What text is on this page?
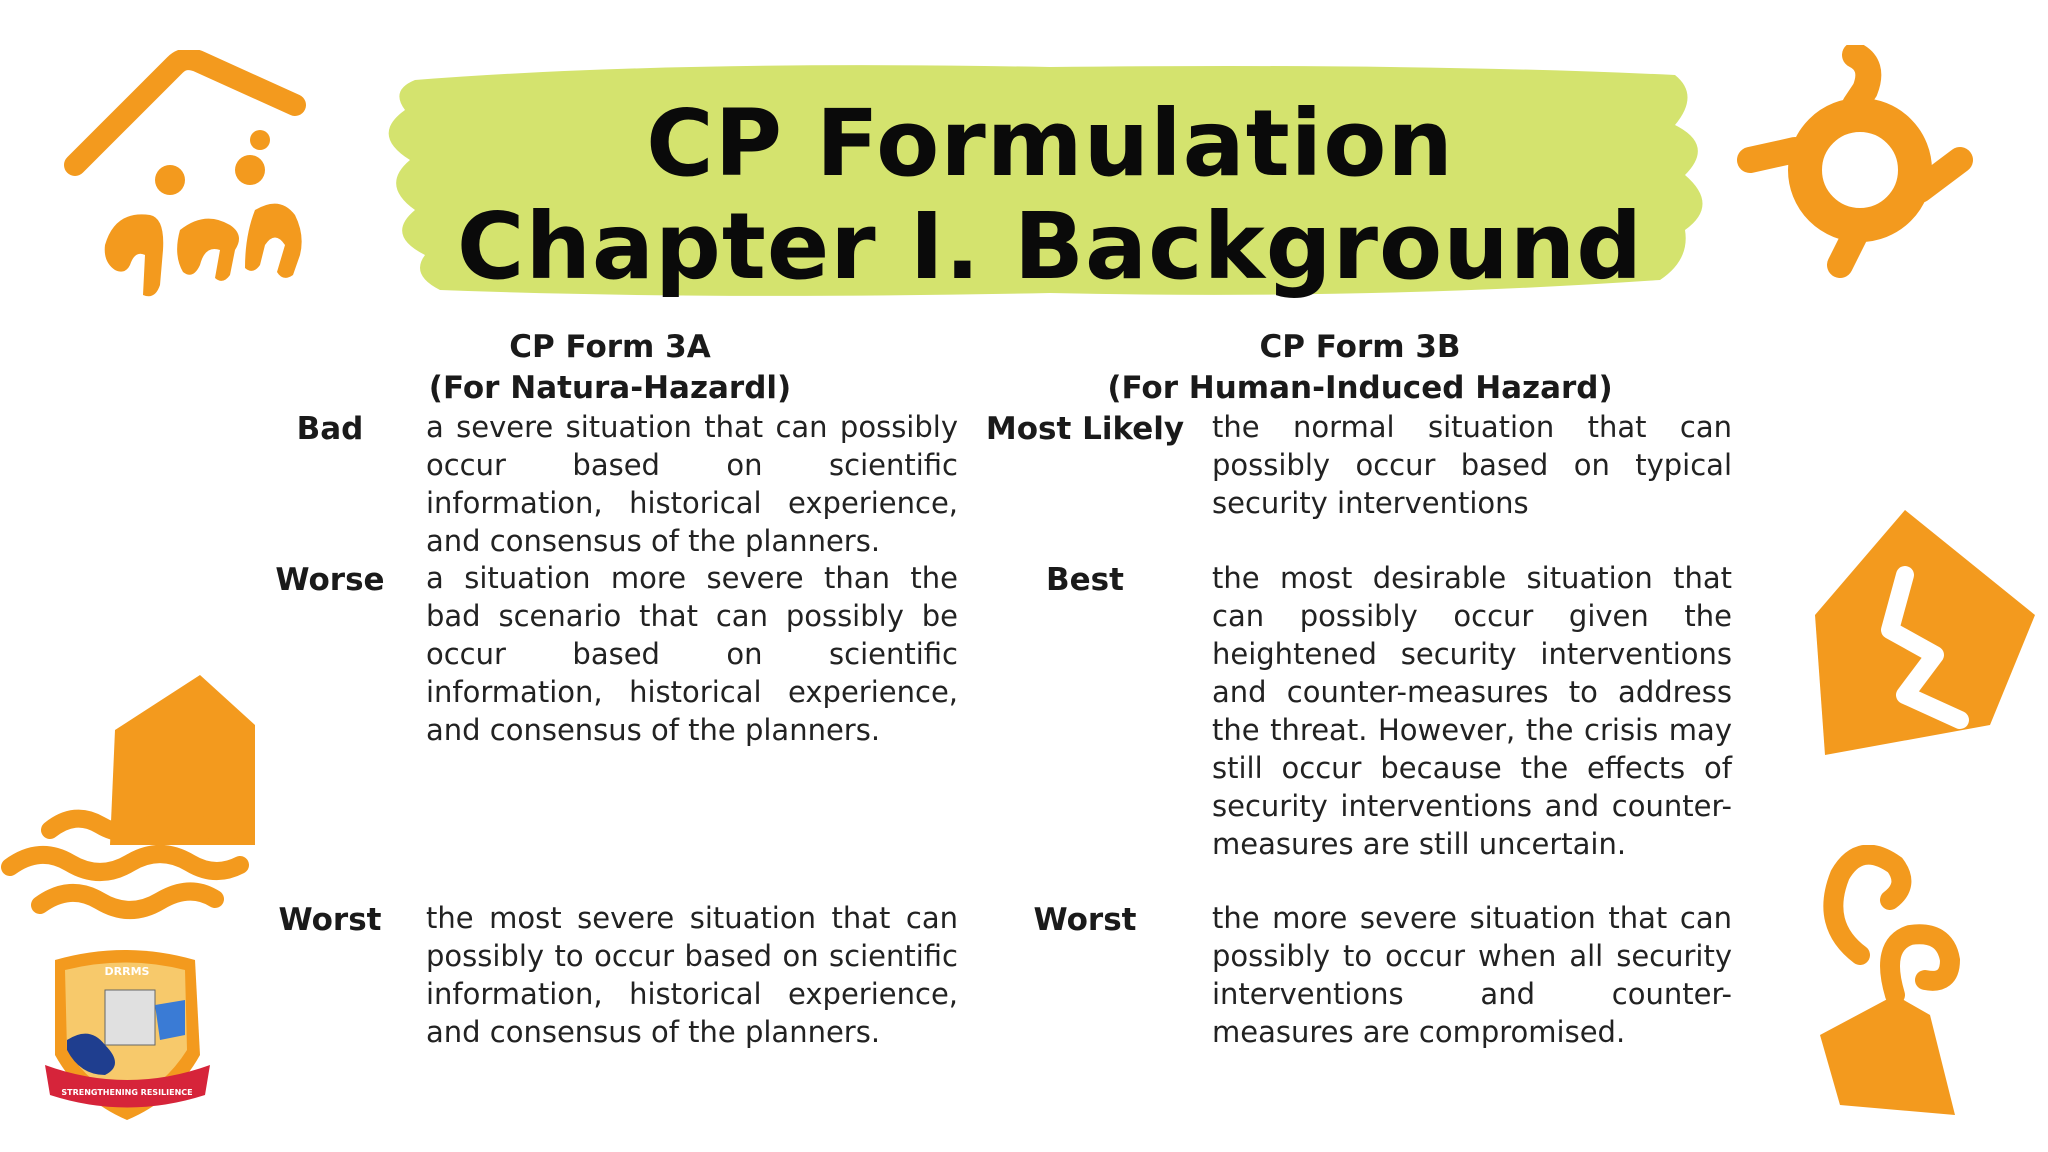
DRRMS
STRENGTHENING RESILIENCE
CP Formulation
Chapter I. Background
CP Form 3A
(For Natura-Hazardl)
CP Form 3B
(For Human-Induced Hazard)
Bad	a severe situation that can possibly occur based on scientific information, historical experience, and consensus of the planners.
Worse	a situation more severe than the bad scenario that can possibly be occur based on scientific information, historical experience, and consensus of the planners.
Worst the most severe situation that can possibly to occur based on scientific information, historical experience, and consensus of the planners.
Most Likely the normal situation that can possibly occur based on typical security interventions
Best	the most desirable situation that can possibly occur given the heightened security interventions and counter-measures to address the threat. However, the crisis may still occur because the effects of security interventions and counter-measures are still uncertain.
Worst	the more severe situation that can possibly to occur when all security interventions and counter-measures are compromised.
